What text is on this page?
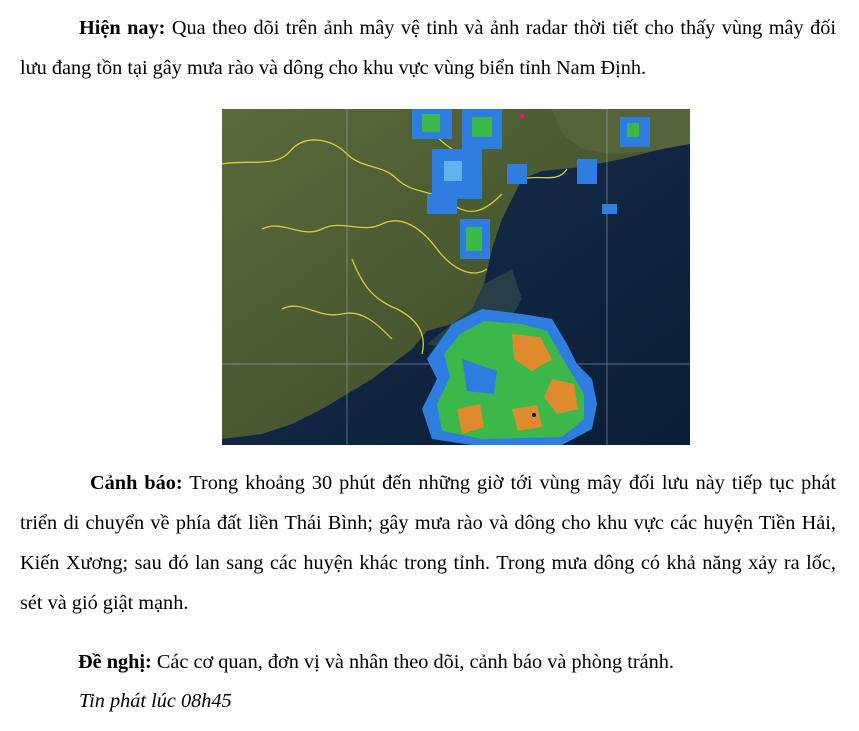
Hiện nay: Qua theo dõi trên ảnh mây vệ tinh và ảnh radar thời tiết cho thấy vùng mây đối lưu đang tồn tại gây mưa rào và dông cho khu vực vùng biển tỉnh Nam Định.

Cảnh báo: Trong khoảng 30 phút đến những giờ tới vùng mây đối lưu này tiếp tục phát triển di chuyển về phía đất liền Thái Bình; gây mưa rào và dông cho khu vực các huyện Tiền Hải, Kiến Xương; sau đó lan sang các huyện khác trong tỉnh. Trong mưa dông có khả năng xảy ra lốc, sét và gió giật mạnh.

Đề nghị: Các cơ quan, đơn vị và nhân theo dõi, cảnh báo và phòng tránh.

Tin phát lúc 08h45
